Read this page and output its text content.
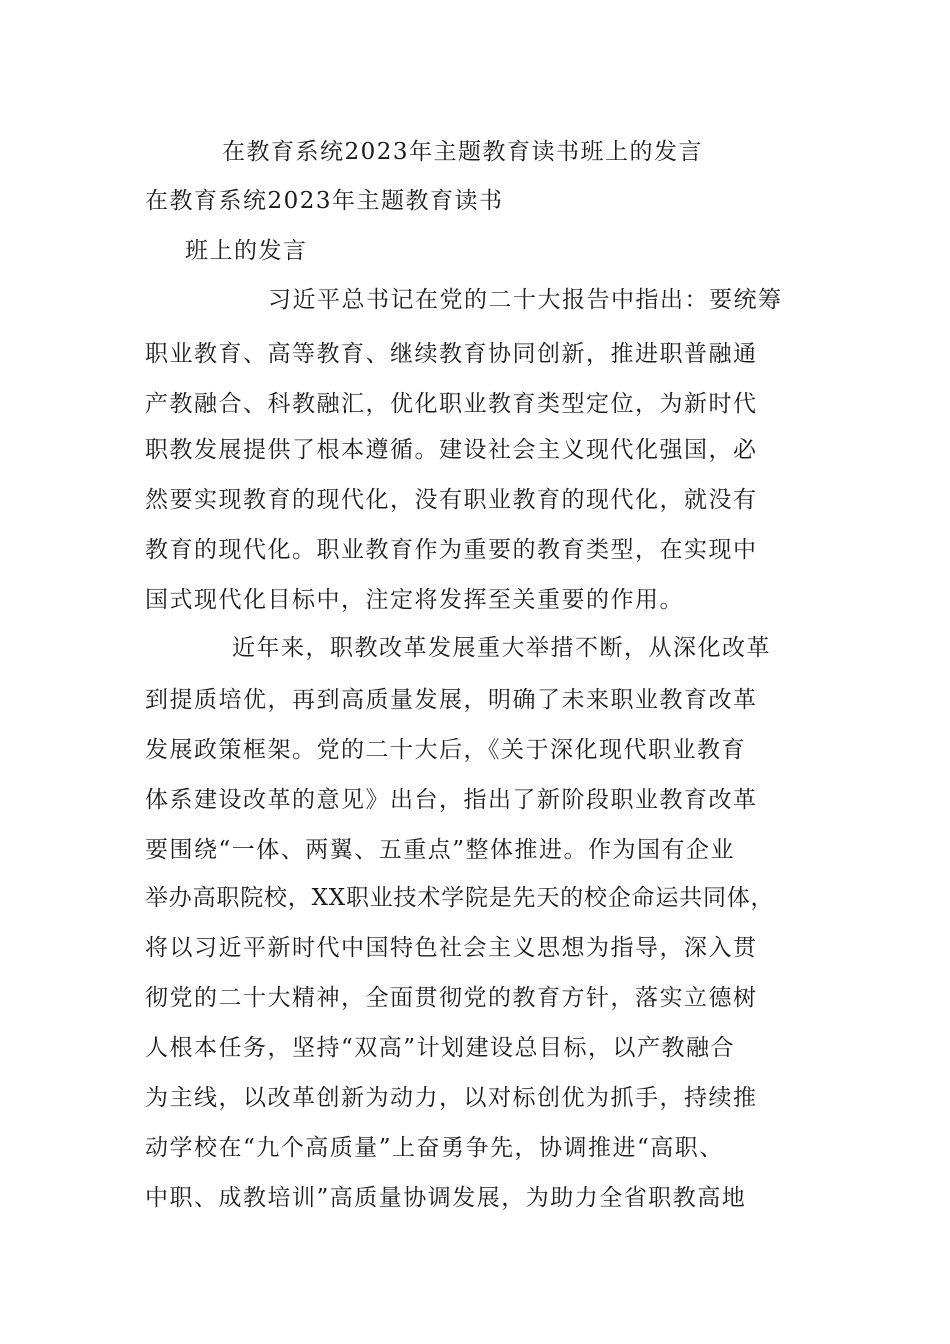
在教育系统2023年主题教育读书班上的发言
在教育系统2023年主题教育读书
班上的发言
习近平总书记在党的二十大报告中指出：要统筹
职业教育、高等教育、继续教育协同创新，推进职普融通
产教融合、科教融汇，优化职业教育类型定位，为新时代
职教发展提供了根本遵循。建设社会主义现代化强国，必
然要实现教育的现代化，没有职业教育的现代化，就没有
教育的现代化。职业教育作为重要的教育类型，在实现中
国式现代化目标中，注定将发挥至关重要的作用。
近年来，职教改革发展重大举措不断，从深化改革
到提质培优，再到高质量发展，明确了未来职业教育改革
发展政策框架。党的二十大后，《关于深化现代职业教育
体系建设改革的意见》出台，指出了新阶段职业教育改革
要围绕“一体、两翼、五重点”整体推进。作为国有企业
举办高职院校，XX职业技术学院是先天的校企命运共同体，
将以习近平新时代中国特色社会主义思想为指导，深入贯
彻党的二十大精神，全面贯彻党的教育方针，落实立德树
人根本任务，坚持“双高”计划建设总目标，以产教融合
为主线，以改革创新为动力，以对标创优为抓手，持续推
动学校在“九个高质量”上奋勇争先，协调推进“高职、
中职、成教培训”高质量协调发展，为助力全省职教高地
